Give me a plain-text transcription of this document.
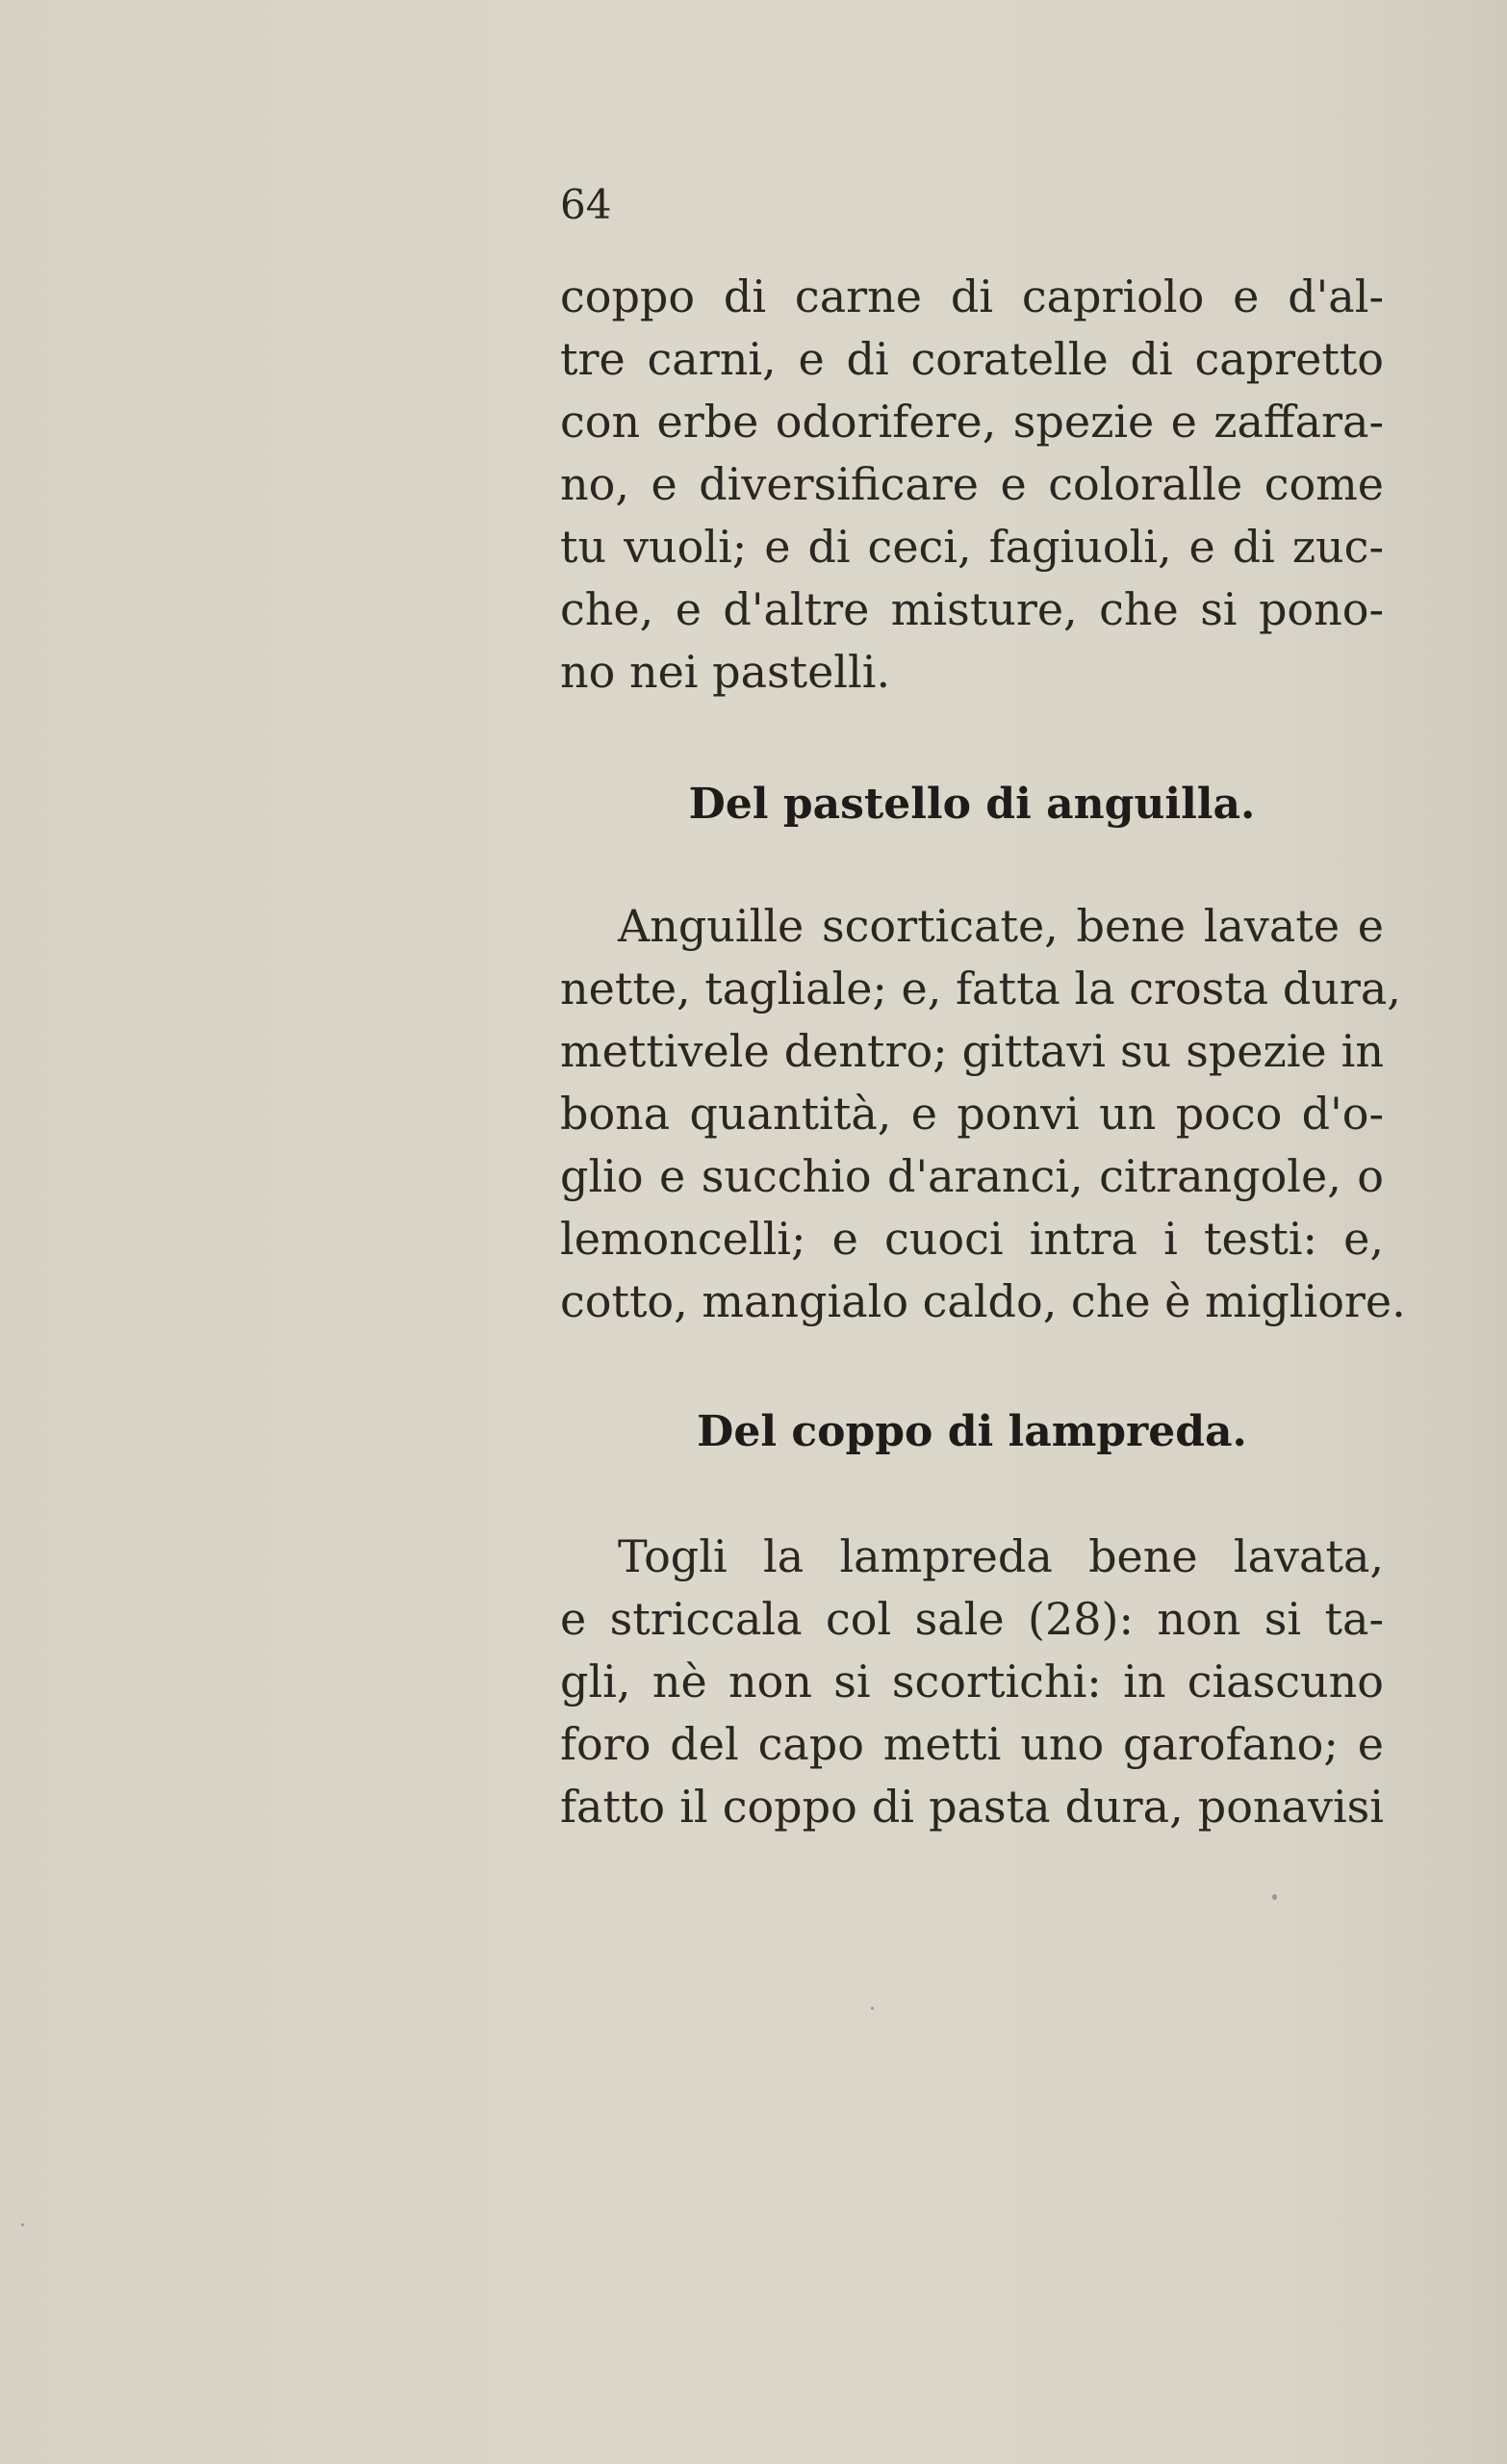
64
coppo di carne di capriolo e d'al-
tre carni, e di coratelle di capretto
con erbe odorifere, spezie e zaffara-
no, e diversificare e coloralle come
tu vuoli; e di ceci, fagiuoli, e di zuc-
che, e d'altre misture, che si pono-
no nei pastelli.
Del pastello di anguilla.
Anguille scorticate, bene lavate e
nette, tagliale; e, fatta la crosta dura,
mettivele dentro; gittavi su spezie in
bona quantità, e ponvi un poco d'o-
glio e succhio d'aranci, citrangole, o
lemoncelli; e cuoci intra i testi: e,
cotto, mangialo caldo, che è migliore.
Del coppo di lampreda.
Togli la lampreda bene lavata,
e striccala col sale (28): non si ta-
gli, nè non si scortichi: in ciascuno
foro del capo metti uno garofano; e
fatto il coppo di pasta dura, ponavisi
